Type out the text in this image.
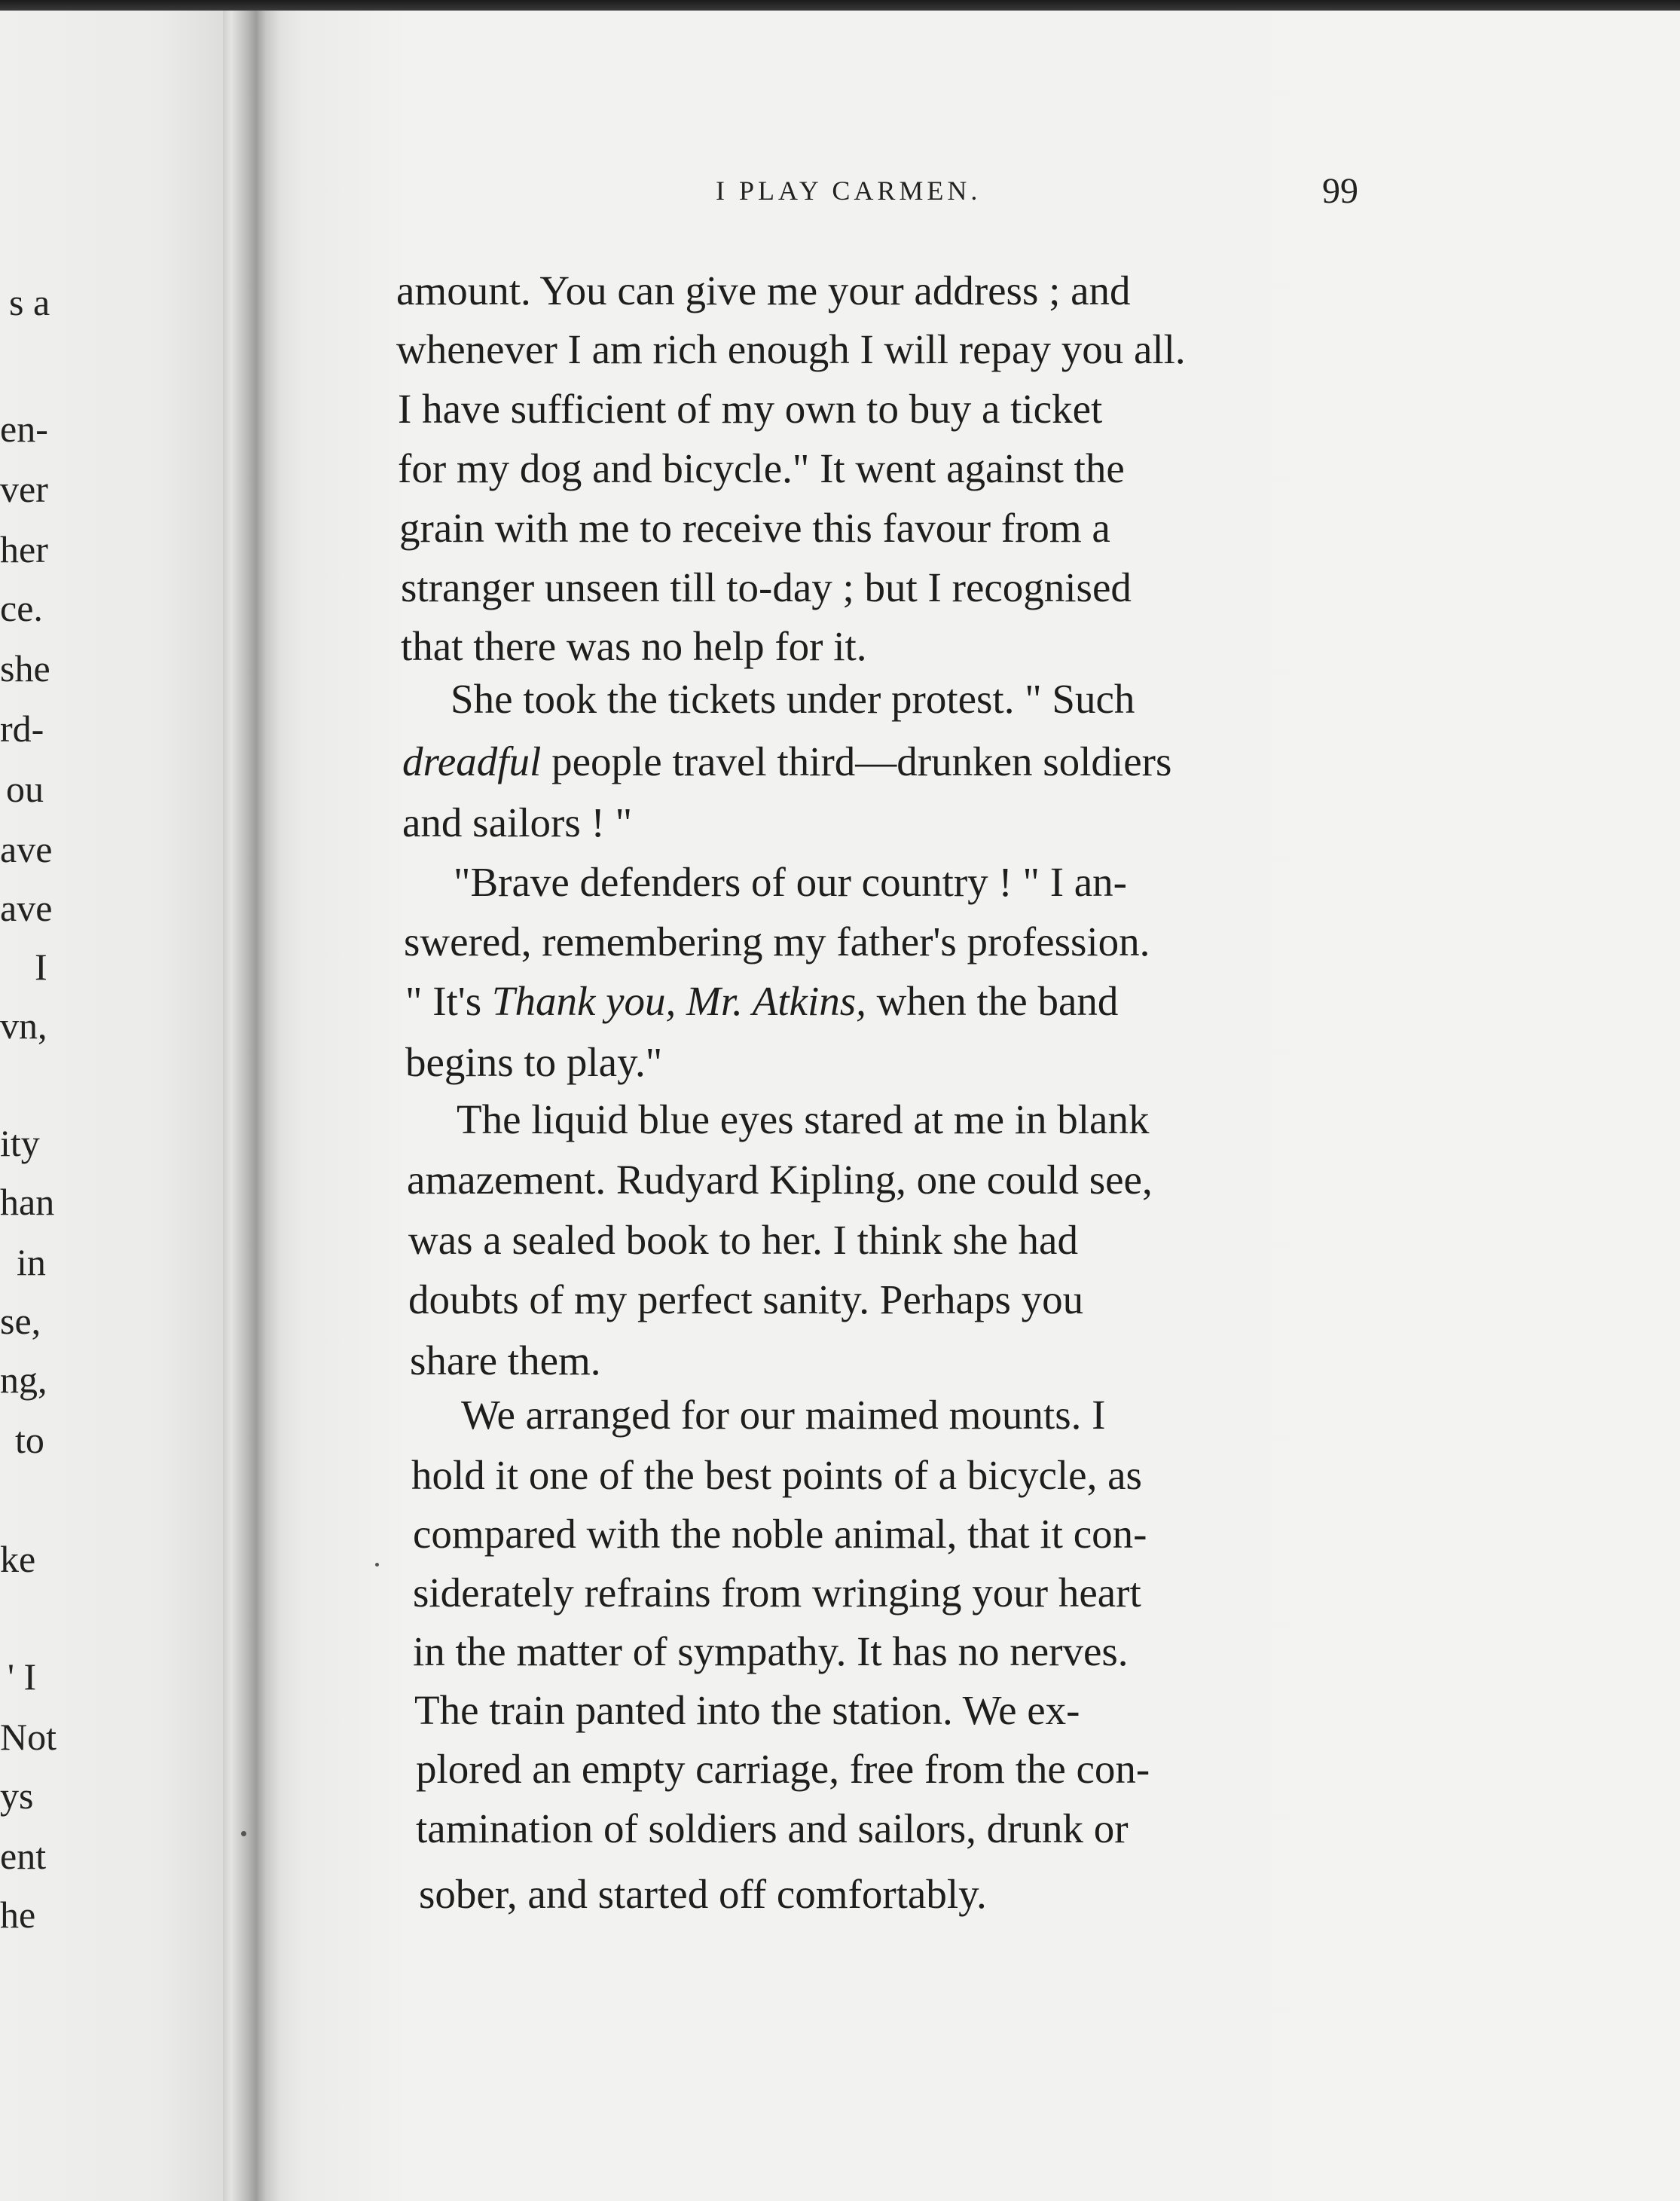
s a
en-
ver
her
ce.
she
rd-
ou
ave
ave
I
vn,
ity
han
in
se,
ng,
to
ke
' I
Not
ys
ent
he
I PLAY CARMEN.	99
amount. You can give me your address ; and
whenever I am rich enough I will repay you all.
I have sufficient of my own to buy a ticket
for my dog and bicycle." It went against the
grain with me to receive this favour from a
stranger unseen till to-day ; but I recognised
that there was no help for it.
She took the tickets under protest. " Such
dreadful people travel third—drunken soldiers
and sailors ! "
"Brave defenders of our country ! " I an-
swered, remembering my father's profession.
" It's Thank you, Mr. Atkins, when the band
begins to play."
The liquid blue eyes stared at me in blank
amazement. Rudyard Kipling, one could see,
was a sealed book to her. I think she had
doubts of my perfect sanity. Perhaps you
share them.
We arranged for our maimed mounts. I
hold it one of the best points of a bicycle, as
compared with the noble animal, that it con-
siderately refrains from wringing your heart
in the matter of sympathy. It has no nerves.
The train panted into the station. We ex-
plored an empty carriage, free from the con-
tamination of soldiers and sailors, drunk or
sober, and started off comfortably.
